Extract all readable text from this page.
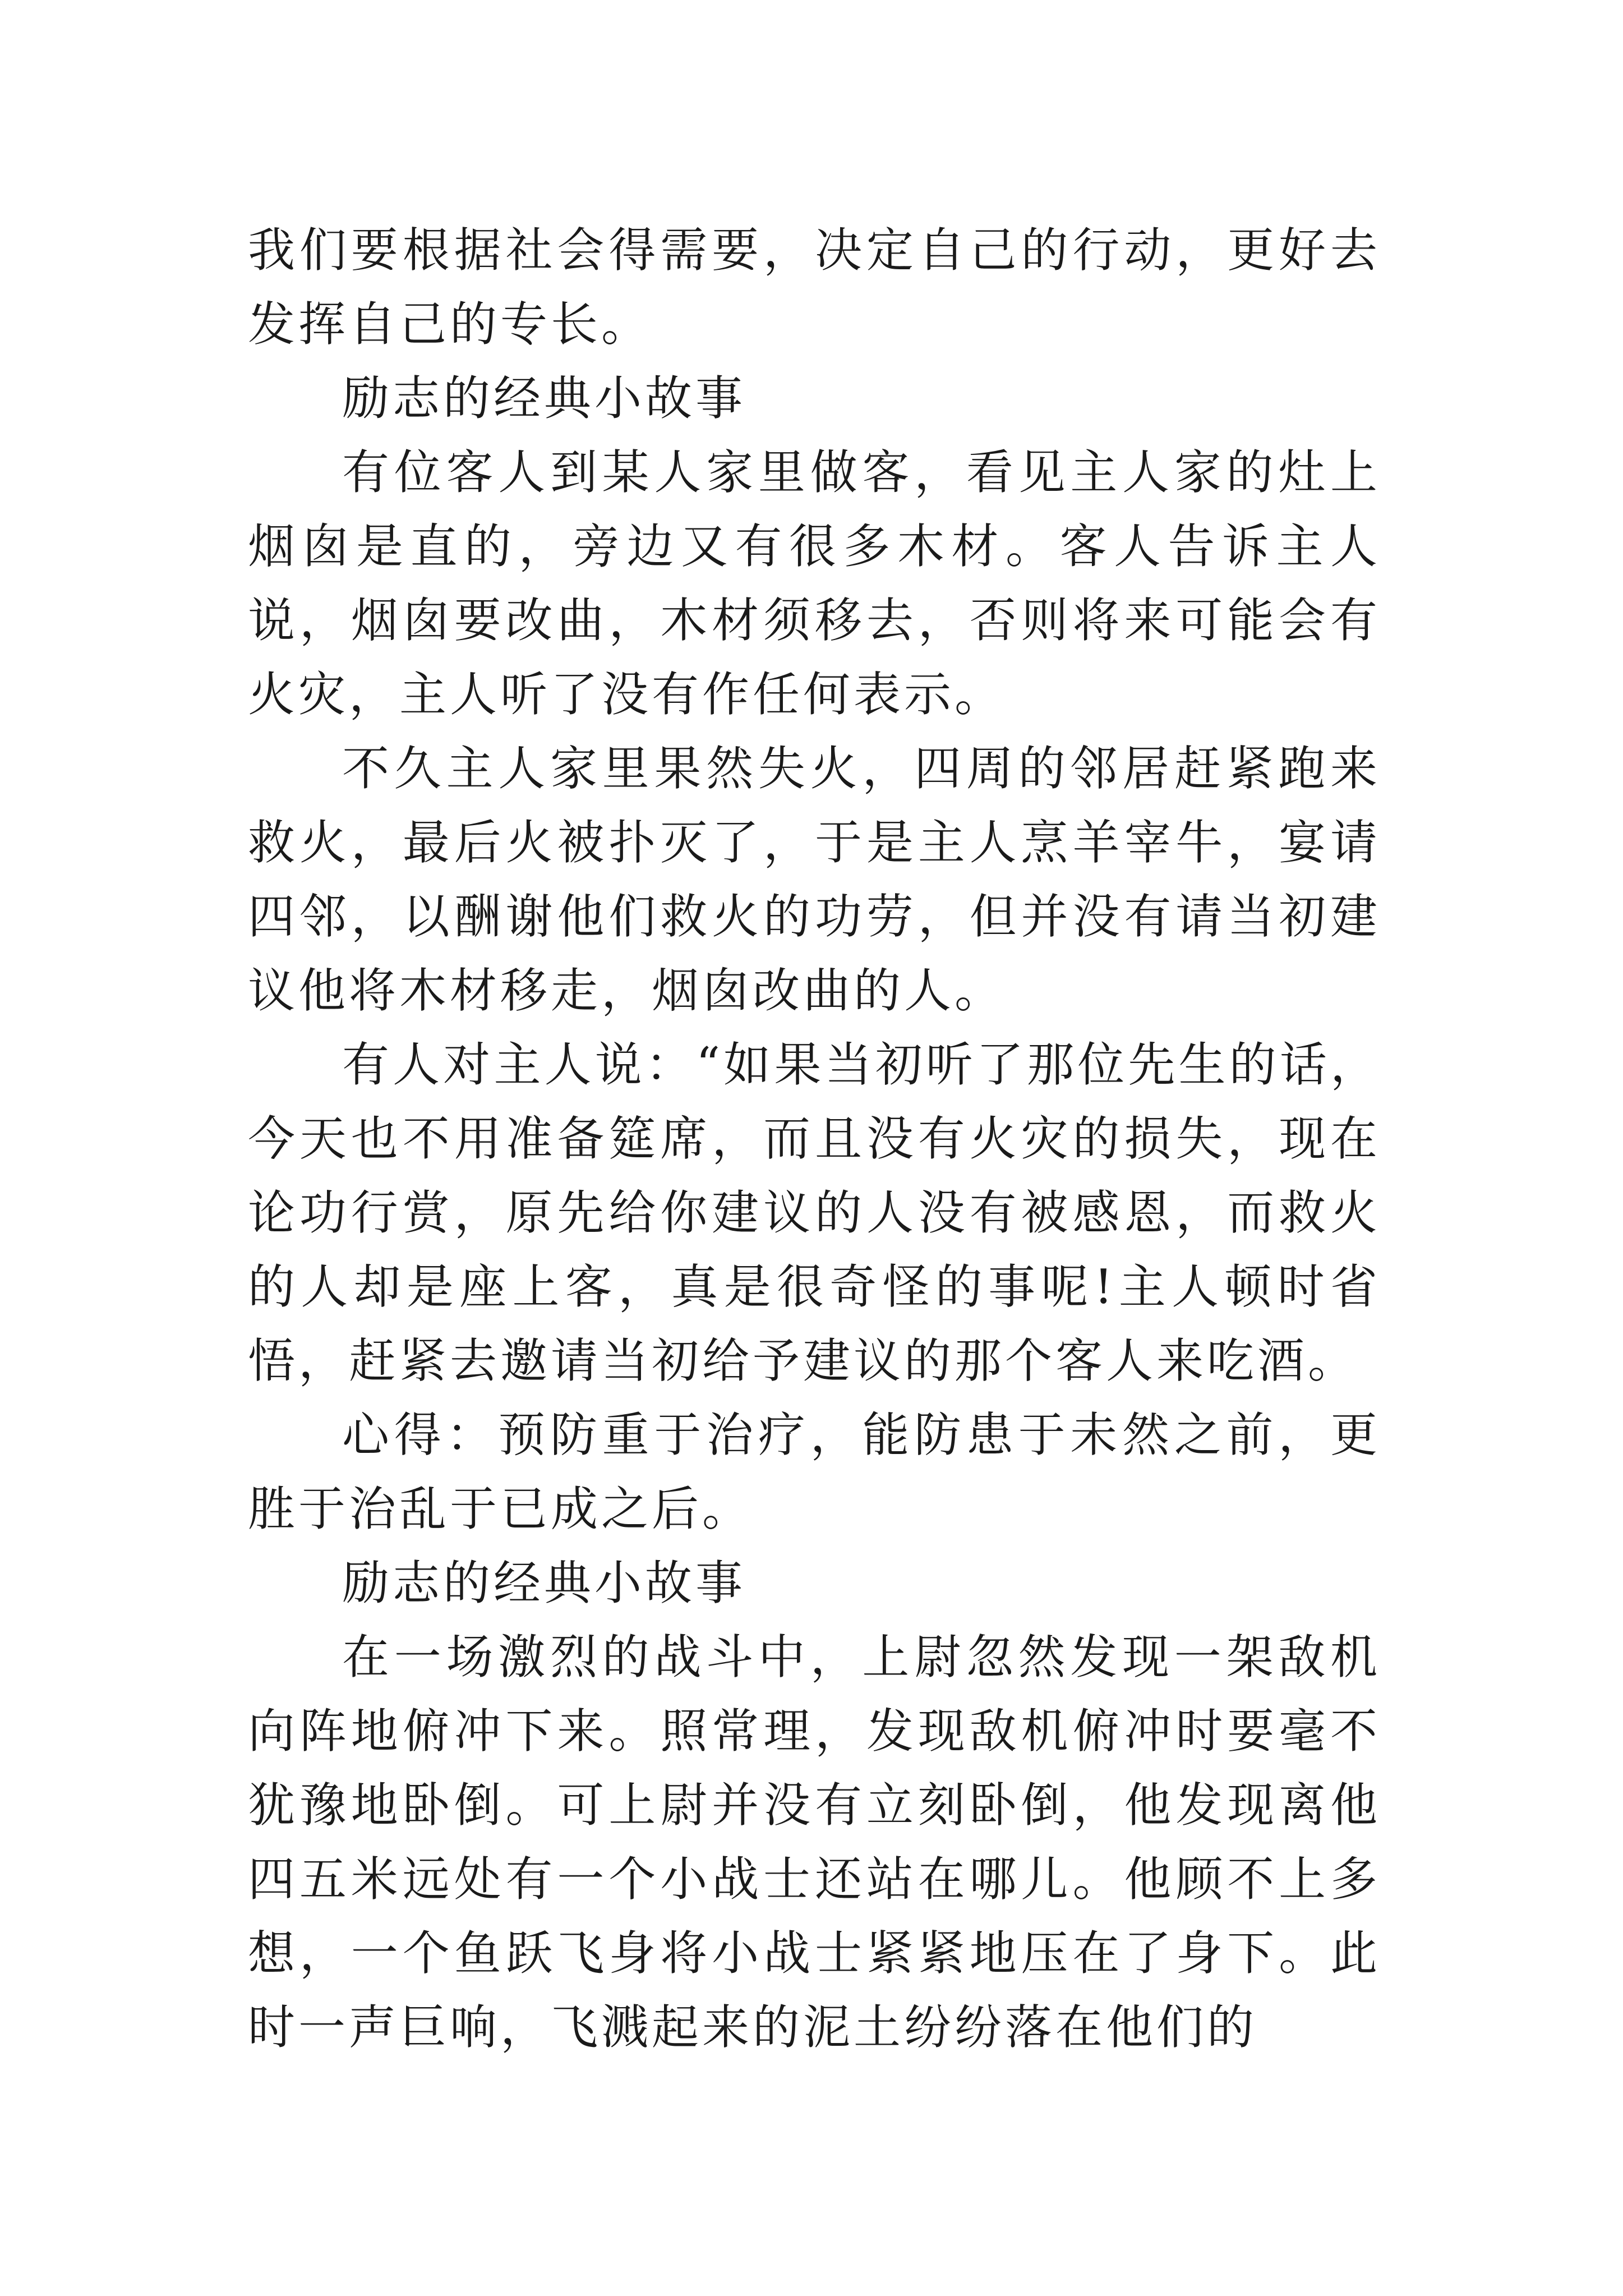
我们要根据社会得需要，决定自己的行动，更好去发挥自己的专长。

励志的经典小故事

有位客人到某人家里做客，看见主人家的灶上烟囱是直的，旁边又有很多木材。客人告诉主人说，烟囱要改曲，木材须移去，否则将来可能会有火灾，主人听了没有作任何表示。

不久主人家里果然失火，四周的邻居赶紧跑来救火，最后火被扑灭了，于是主人烹羊宰牛，宴请四邻，以酬谢他们救火的功劳，但并没有请当初建议他将木材移走，烟囱改曲的人。

有人对主人说：“如果当初听了那位先生的话，今天也不用准备筵席，而且没有火灾的损失，现在论功行赏，原先给你建议的人没有被感恩，而救火的人却是座上客，真是很奇怪的事呢!主人顿时省悟，赶紧去邀请当初给予建议的那个客人来吃酒。

心得：预防重于治疗，能防患于未然之前，更胜于治乱于已成之后。

励志的经典小故事

在一场激烈的战斗中，上尉忽然发现一架敌机向阵地俯冲下来。照常理，发现敌机俯冲时要毫不犹豫地卧倒。可上尉并没有立刻卧倒，他发现离他四五米远处有一个小战士还站在哪儿。他顾不上多想，一个鱼跃飞身将小战士紧紧地压在了身下。此时一声巨响，飞溅起来的泥土纷纷落在他们的
